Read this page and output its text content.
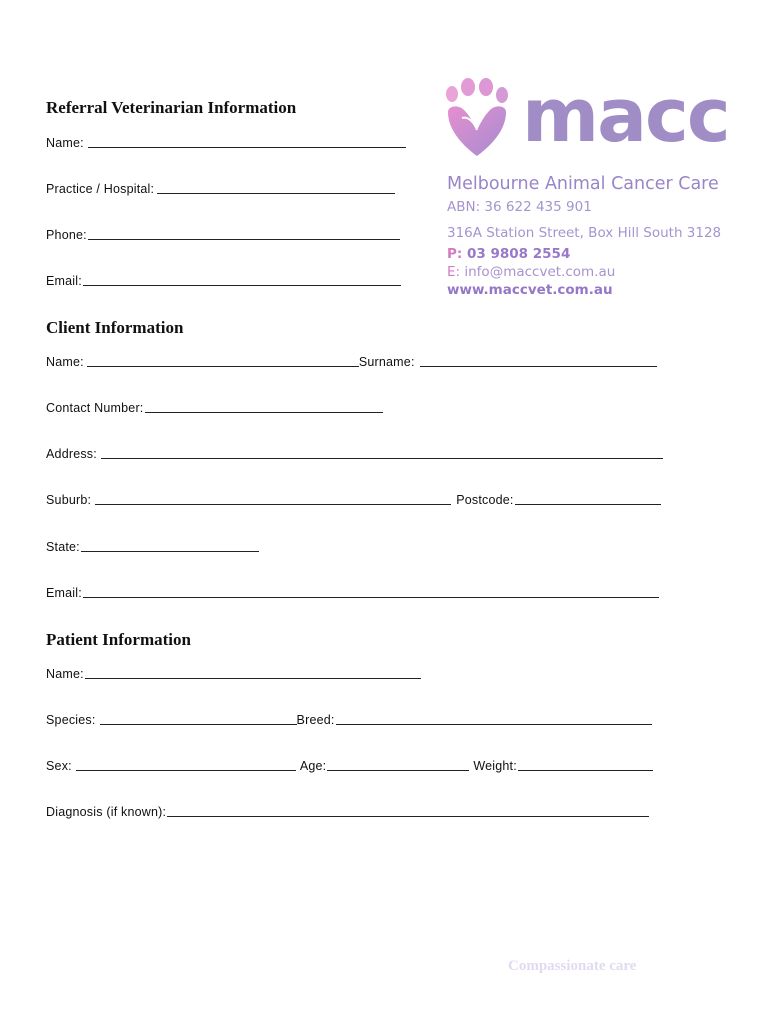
Referral Veterinarian Information
Name:
Practice / Hospital:
Phone:
Email:
macc
Melbourne Animal Cancer Care
ABN: 36 622 435 901
316A Station Street, Box Hill South 3128
P: 03 9808 2554
E: info@maccvet.com.au
www.maccvet.com.au
Client Information
Name:	Surname:
Contact Number:
Address:
Suburb:	Postcode:
State:
Email:
Patient Information
Name:
Species:	Breed:
Sex:	Age:	Weight:
Diagnosis (if known):
Compassionate care
